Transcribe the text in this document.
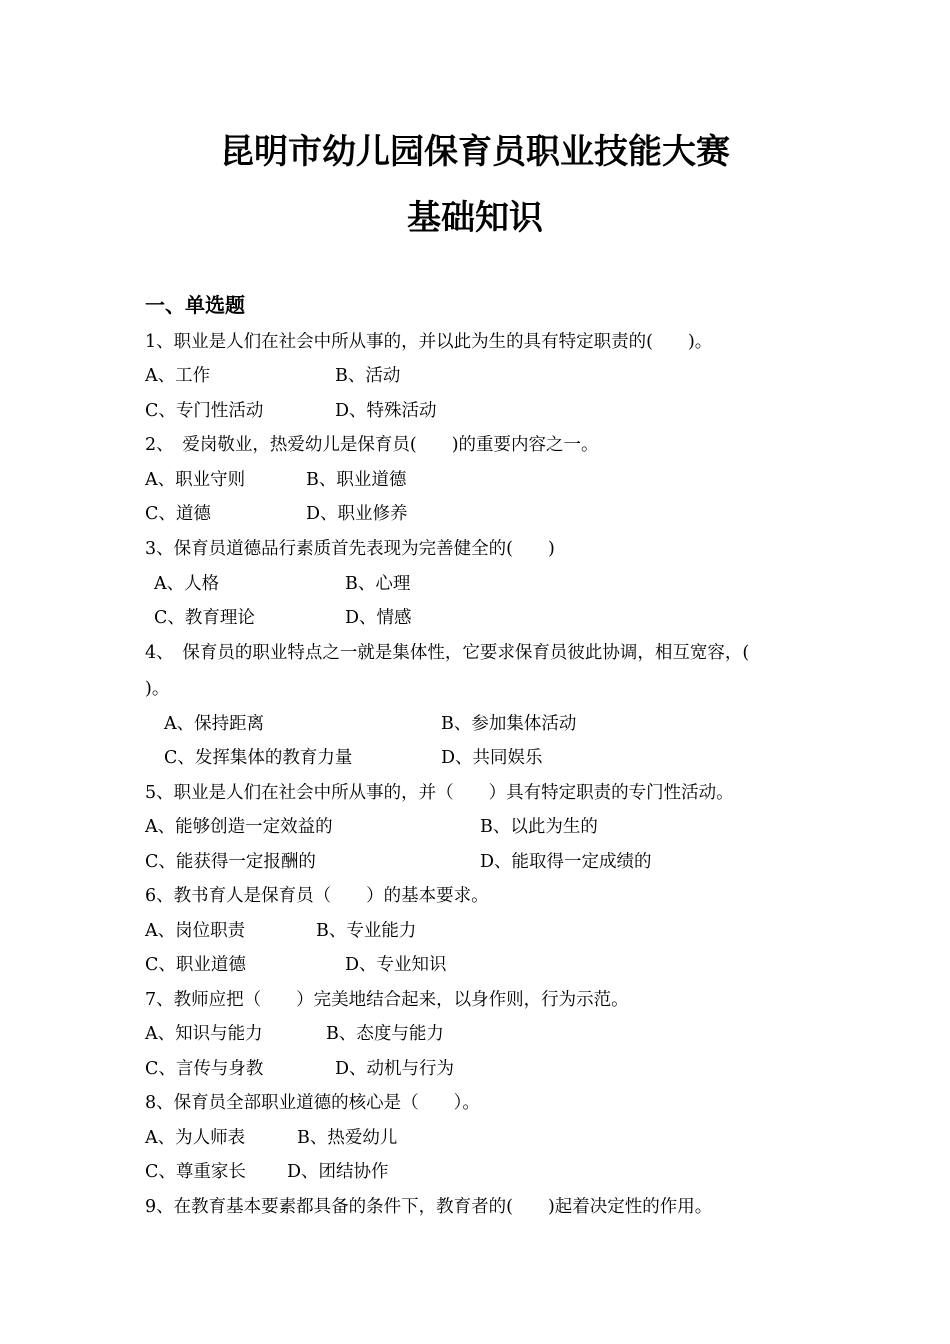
昆明市幼儿园保育员职业技能大赛
基础知识
一、单选题
1、职业是人们在社会中所从事的，并以此为生的具有特定职责的(　　)。
A、工作	B、活动
C、专门性活动	D、特殊活动
2、　爱岗敬业，热爱幼儿是保育员(　　)的重要内容之一。
A、职业守则	B、职业道德
C、道德	D、职业修养
3、保育员道德品行素质首先表现为完善健全的(　　)
A、人格	B、心理
C、教育理论	D、情感
4、　保育员的职业特点之一就是集体性，它要求保育员彼此协调，相互宽容，(
)。
A、保持距离	B、参加集体活动
C、发挥集体的教育力量	D、共同娱乐
5、职业是人们在社会中所从事的，并（　　）具有特定职责的专门性活动。
A、能够创造一定效益的	B、以此为生的
C、能获得一定报酬的	D、能取得一定成绩的
6、教书育人是保育员（　　）的基本要求。
A、岗位职责	B、专业能力
C、职业道德	D、专业知识
7、教师应把（　　）完美地结合起来，以身作则，行为示范。
A、知识与能力	B、态度与能力
C、言传与身教	D、动机与行为
8、保育员全部职业道德的核心是（　　）。
A、为人师表	B、热爱幼儿
C、尊重家长 D、团结协作
9、在教育基本要素都具备的条件下，教育者的(　　)起着决定性的作用。
